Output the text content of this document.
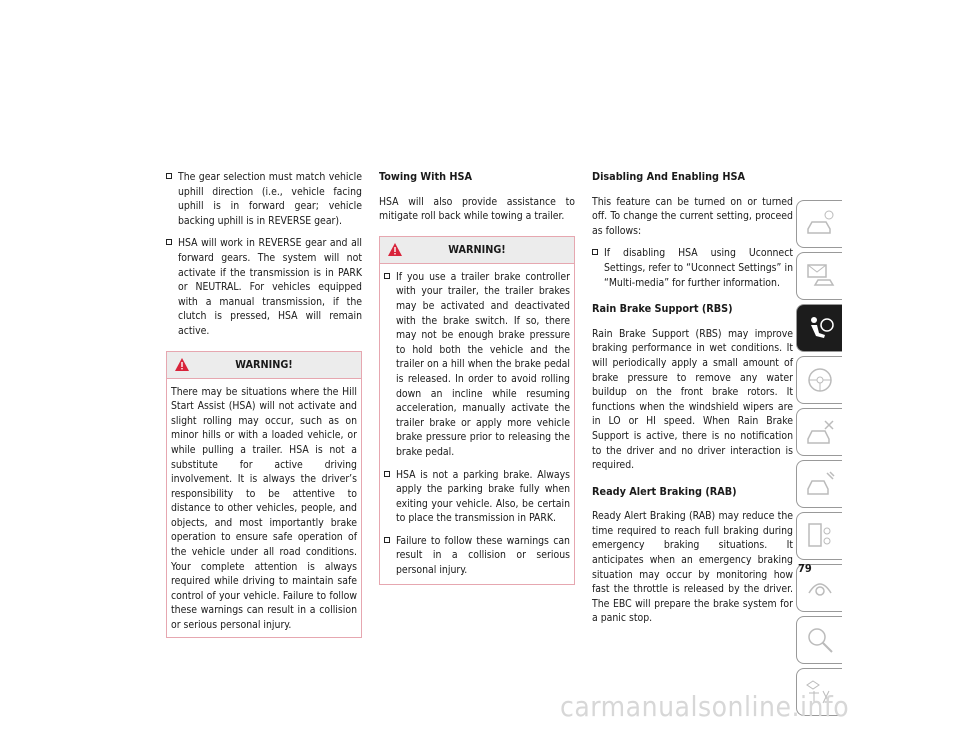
The gear selection must match vehicle uphill direction (i.e., vehicle facing uphill is in forward gear; vehicle backing uphill is in REVERSE gear).
HSA will work in REVERSE gear and all forward gears. The system will not activate if the transmission is in PARK or NEUTRAL. For vehicles equipped with a manual transmission, if the clutch is pressed, HSA will remain active.
WARNING!

There may be situations where the Hill Start Assist (HSA) will not activate and slight rolling may occur, such as on minor hills or with a loaded vehicle, or while pulling a trailer. HSA is not a substitute for active driving involvement. It is always the driver’s responsibility to be attentive to distance to other vehicles, people, and objects, and most importantly brake operation to ensure safe operation of the vehicle under all road conditions. Your complete attention is always required while driving to maintain safe control of your vehicle. Failure to follow these warnings can result in a collision or serious personal injury.

Towing With HSA

HSA will also provide assistance to mitigate roll back while towing a trailer.

WARNING!
If you use a trailer brake controller with your trailer, the trailer brakes may be activated and deactivated with the brake switch. If so, there may not be enough brake pressure to hold both the vehicle and the trailer on a hill when the brake pedal is released. In order to avoid rolling down an incline while resuming acceleration, manually activate the trailer brake or apply more vehicle brake pressure prior to releasing the brake pedal.
HSA is not a parking brake. Always apply the parking brake fully when exiting your vehicle. Also, be certain to place the transmission in PARK.
Failure to follow these warnings can result in a collision or serious personal injury.
Disabling And Enabling HSA

This feature can be turned on or turned off. To change the current setting, proceed as follows:

If disabling HSA using Uconnect Settings, refer to “Uconnect Settings” in “Multi-media” for further information.
Rain Brake Support (RBS)

Rain Brake Support (RBS) may improve braking performance in wet conditions. It will periodically apply a small amount of brake pressure to remove any water buildup on the front brake rotors. It functions when the windshield wipers are in LO or HI speed. When Rain Brake Support is active, there is no notification to the driver and no driver interaction is required.

Ready Alert Braking (RAB)

Ready Alert Braking (RAB) may reduce the time required to reach full braking during emergency braking situations. It anticipates when an emergency braking situation may occur by monitoring how fast the throttle is released by the driver. The EBC will prepare the brake system for a panic stop.

79
carmanualsonline.info
